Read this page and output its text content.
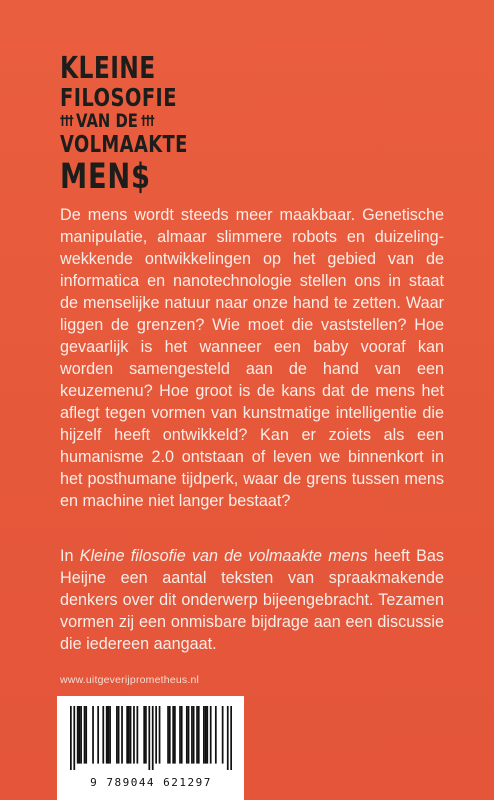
KLEINE
FILOSOFIE
††† VAN DE †††
VOLMAAKTE
MEN$

De mens wordt steeds meer maakbaar. Genetische manipulatie, almaar slimmere robots en duizelingwekkende ontwikkelingen op het gebied van de informatica en nanotechnologie stellen ons in staat de menselijke natuur naar onze hand te zetten. Waar liggen de grenzen? Wie moet die vaststellen? Hoe gevaarlijk is het wanneer een baby vooraf kan worden samengesteld aan de hand van een keuzemenu? Hoe groot is de kans dat de mens het aflegt tegen vormen van kunstmatige intelligentie die hijzelf heeft ontwikkeld? Kan er zoiets als een humanisme 2.0 ontstaan of leven we binnenkort in het posthumane tijdperk, waar de grens tussen mens en machine niet langer bestaat?

In Kleine filosofie van de volmaakte mens heeft Bas Heijne een aantal teksten van spraakmakende denkers over dit onderwerp bijeengebracht. Tezamen vormen zij een onmisbare bijdrage aan een discussie die iedereen aangaat.

www.uitgeverijprometheus.nl
9 789044 621297
